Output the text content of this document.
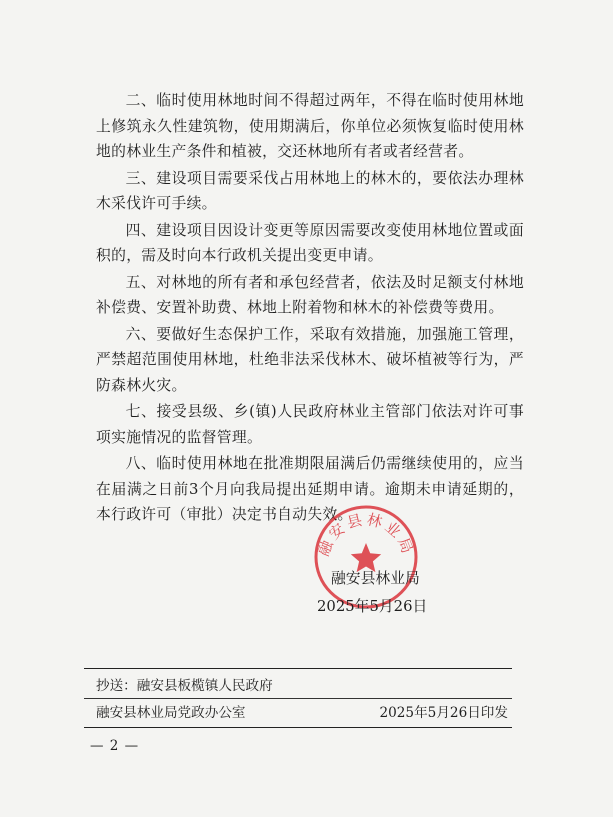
二、临时使用林地时间不得超过两年，不得在临时使用林地上修筑永久性建筑物，使用期满后，你单位必须恢复临时使用林地的林业生产条件和植被，交还林地所有者或者经营者。

三、建设项目需要采伐占用林地上的林木的，要依法办理林木采伐许可手续。

四、建设项目因设计变更等原因需要改变使用林地位置或面积的，需及时向本行政机关提出变更申请。

五、对林地的所有者和承包经营者，依法及时足额支付林地补偿费、安置补助费、林地上附着物和林木的补偿费等费用。

六、要做好生态保护工作，采取有效措施，加强施工管理，严禁超范围使用林地，杜绝非法采伐林木、破坏植被等行为，严防森林火灾。

七、接受县级、乡(镇)人民政府林业主管部门依法对许可事项实施情况的监督管理。

八、临时使用林地在批准期限届满后仍需继续使用的，应当在届满之日前3个月向我局提出延期申请。逾期未申请延期的，本行政许可（审批）决定书自动失效。

融安县林业局
融安县林业局
2025年5月26日
抄送：融安县板榄镇人民政府
融安县林业局党政办公室	2025年5月26日印发
— 2 —
